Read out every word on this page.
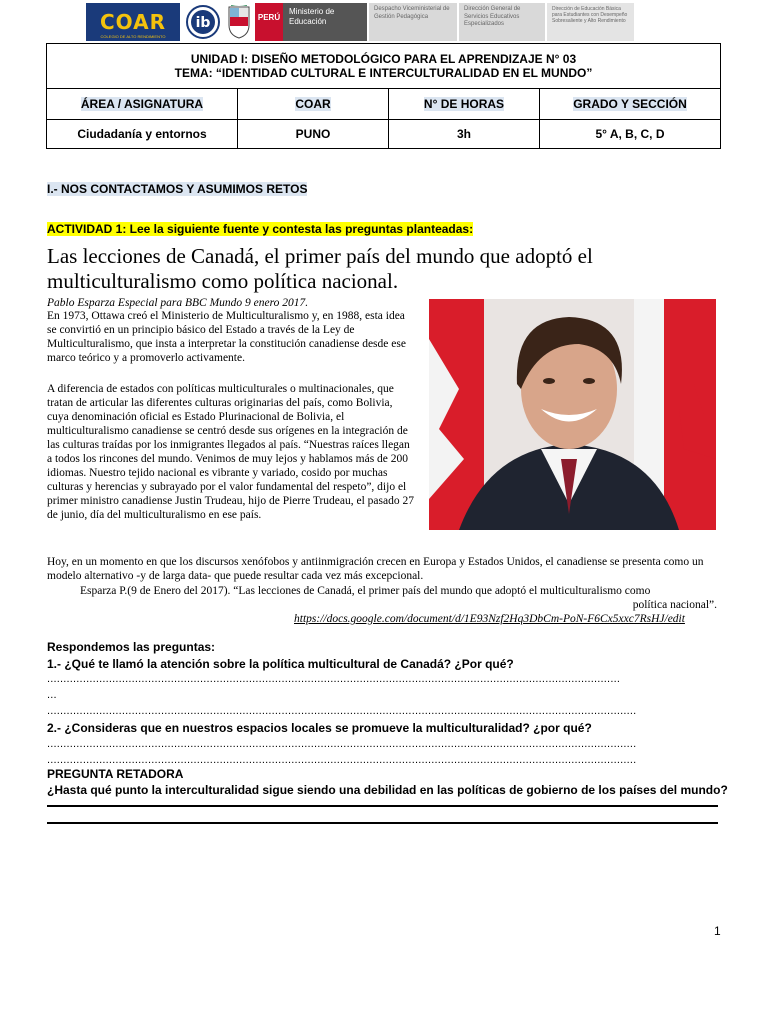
COAR
COLEGIO DE ALTO RENDIMIENTO
ib	PERÚ
Ministerio de Educación
Despacho Viceministerial de Gestión Pedagógica
Dirección General de Servicios Educativos Especializados
Dirección de Educación Básica para Estudiantes con Desempeño Sobresaliente y Alto Rendimiento
UNIDAD I: DISEÑO METODOLÓGICO PARA EL APRENDIZAJE N° 03
TEMA: “IDENTIDAD CULTURAL E INTERCULTURALIDAD EN EL MUNDO”			

ÁREA / ASIGNATURA	COAR	N° DE HORAS	GRADO Y SECCIÓN
Ciudadanía y entornos	PUNO	3h	5° A, B, C, D
I.- NOS CONTACTAMOS Y ASUMIMOS RETOS
ACTIVIDAD 1: Lee la siguiente fuente y contesta las preguntas planteadas:
Las lecciones de Canadá, el primer país del mundo que adoptó el multiculturalismo como política nacional.
Pablo Esparza Especial para BBC Mundo 9 enero 2017.
En 1973, Ottawa creó el Ministerio de Multiculturalismo y, en 1988, esta idea se convirtió en un principio básico del Estado a través de la Ley de Multiculturalismo, que insta a interpretar la constitución canadiense desde ese marco teórico y a promoverlo activamente.
A diferencia de estados con políticas multiculturales o multinacionales, que tratan de articular las diferentes culturas originarias del país, como Bolivia, cuya denominación oficial es Estado Plurinacional de Bolivia, el multiculturalismo canadiense se centró desde sus orígenes en la integración de las culturas traídas por los inmigrantes llegados al país. “Nuestras raíces llegan a todos los rincones del mundo. Venimos de muy lejos y hablamos más de 200 idiomas. Nuestro tejido nacional es vibrante y variado, cosido por muchas culturas y herencias y subrayado por el valor fundamental del respeto”, dijo el primer ministro canadiense Justin Trudeau, hijo de Pierre Trudeau, el pasado 27 de junio, día del multiculturalismo en ese país.
Hoy, en un momento en que los discursos xenófobos y antiinmigración crecen en Europa y Estados Unidos, el canadiense se presenta como un modelo alternativo -y de larga data- que puede resultar cada vez más excepcional.
Esparza P.(9 de Enero del 2017). “Las lecciones de Canadá, el primer país del mundo que adoptó el multiculturalismo como
política nacional”.
https://docs.google.com/document/d/1E93Nzf2Hq3DbCm-PoN-F6Cx5xxc7RsHJ/edit
Respondemos las preguntas:
1.- ¿Qué te llamó la atención sobre la política multicultural de Canadá? ¿Por qué?
................................................................................................................................................................................
...
.....................................................................................................................................................................................
2.- ¿Consideras que en nuestros espacios locales se promueve la multiculturalidad? ¿por qué?
.....................................................................................................................................................................................
.....................................................................................................................................................................................
PREGUNTA RETADORA
¿Hasta qué punto la interculturalidad sigue siendo una debilidad en las políticas de gobierno de los países del mundo?
1
